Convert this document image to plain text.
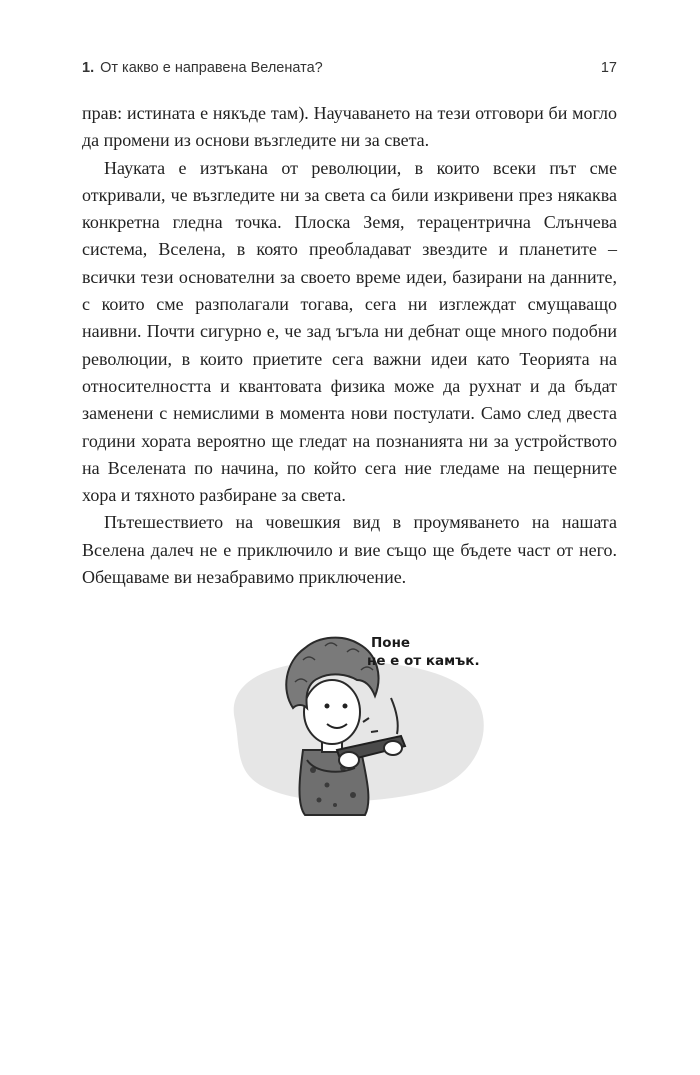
1. От какво е направена Велената?	17

прав: истината е някъде там). Научаването на тези отговори би могло да промени из основи възгледите ни за света.

Науката е изтъкана от революции, в които всеки път сме откривали, че възгледите ни за света са били изкривени през някаква конкретна гледна точка. Плоска Земя, терацентрична Слънчева система, Вселена, в която преобладават звездите и планетите – всички тези основателни за своето време идеи, базирани на данните, с които сме разполагали тогава, сега ни изглеждат смущаващо наивни. Почти сигурно е, че зад ъгъла ни дебнат още много подобни революции, в които приетите сега важни идеи като Теорията на относителността и квантовата физика може да рухнат и да бъдат заменени с немислими в момента нови постулати. Само след двеста години хората вероятно ще гледат на познанията ни за устройството на Вселената по начина, по който сега ние гледаме на пещерните хора и тяхното разбиране за света.

Пътешествието на човешкия вид в проумяването на нашата Вселена далеч не е приключило и вие също ще бъдете част от него. Обещаваме ви незабравимо приключение.

Поне
не е от камък.
